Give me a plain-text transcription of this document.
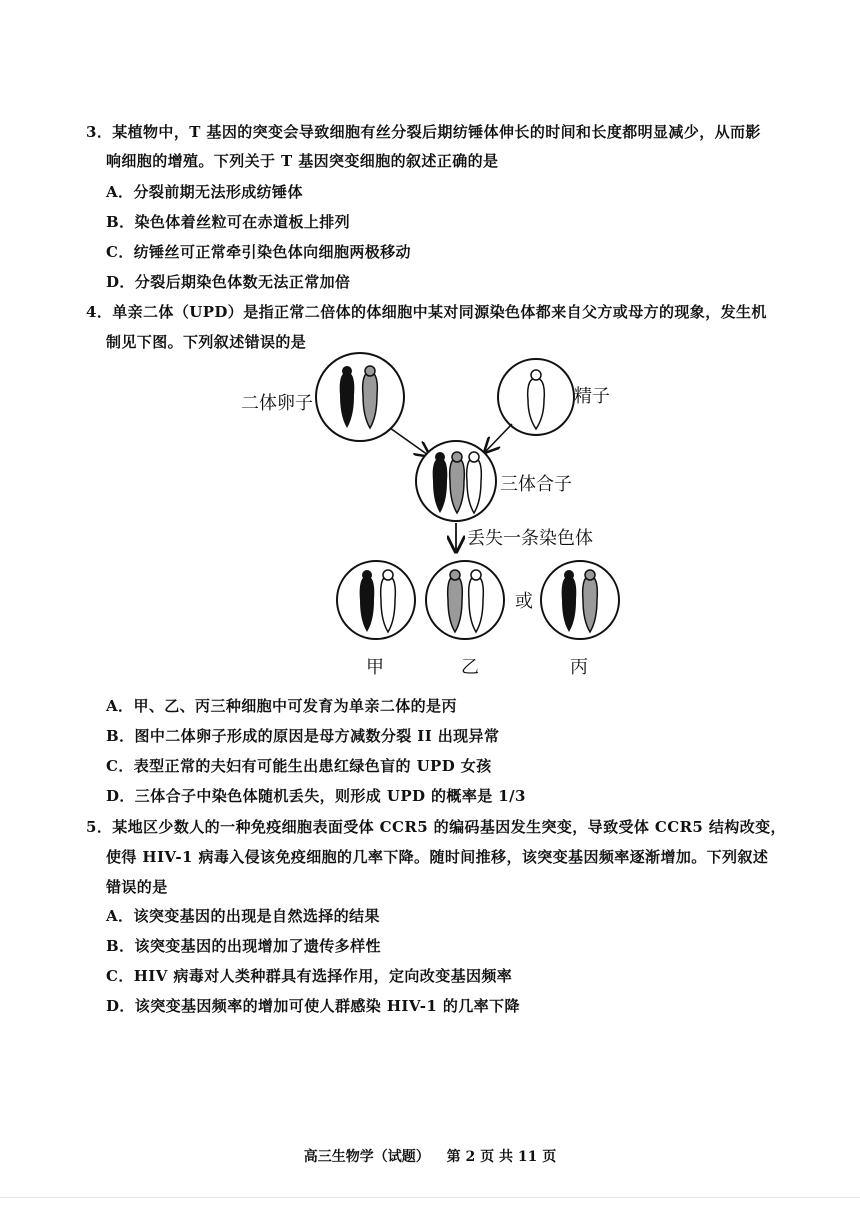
3．某植物中，T 基因的突变会导致细胞有丝分裂后期纺锤体伸长的时间和长度都明显减少，从而影
响细胞的增殖。下列关于 T 基因突变细胞的叙述正确的是
A．分裂前期无法形成纺锤体
B．染色体着丝粒可在赤道板上排列
C．纺锤丝可正常牵引染色体向细胞两极移动
D．分裂后期染色体数无法正常加倍
4．单亲二体（UPD）是指正常二倍体的体细胞中某对同源染色体都来自父方或母方的现象，发生机
制见下图。下列叙述错误的是
二体卵子	精子
三体合子
丢失一条染色体
或
甲	乙	丙
A．甲、乙、丙三种细胞中可发育为单亲二体的是丙
B．图中二体卵子形成的原因是母方减数分裂 II 出现异常
C．表型正常的夫妇有可能生出患红绿色盲的 UPD 女孩
D．三体合子中染色体随机丢失，则形成 UPD 的概率是 1/3
5．某地区少数人的一种免疫细胞表面受体 CCR5 的编码基因发生突变，导致受体 CCR5 结构改变，
使得 HIV-1 病毒入侵该免疫细胞的几率下降。随时间推移，该突变基因频率逐渐增加。下列叙述
错误的是
A．该突变基因的出现是自然选择的结果
B．该突变基因的出现增加了遗传多样性
C．HIV 病毒对人类种群具有选择作用，定向改变基因频率
D．该突变基因频率的增加可使人群感染 HIV-1 的几率下降
高三生物学（试题） 第 2 页 共 11 页
